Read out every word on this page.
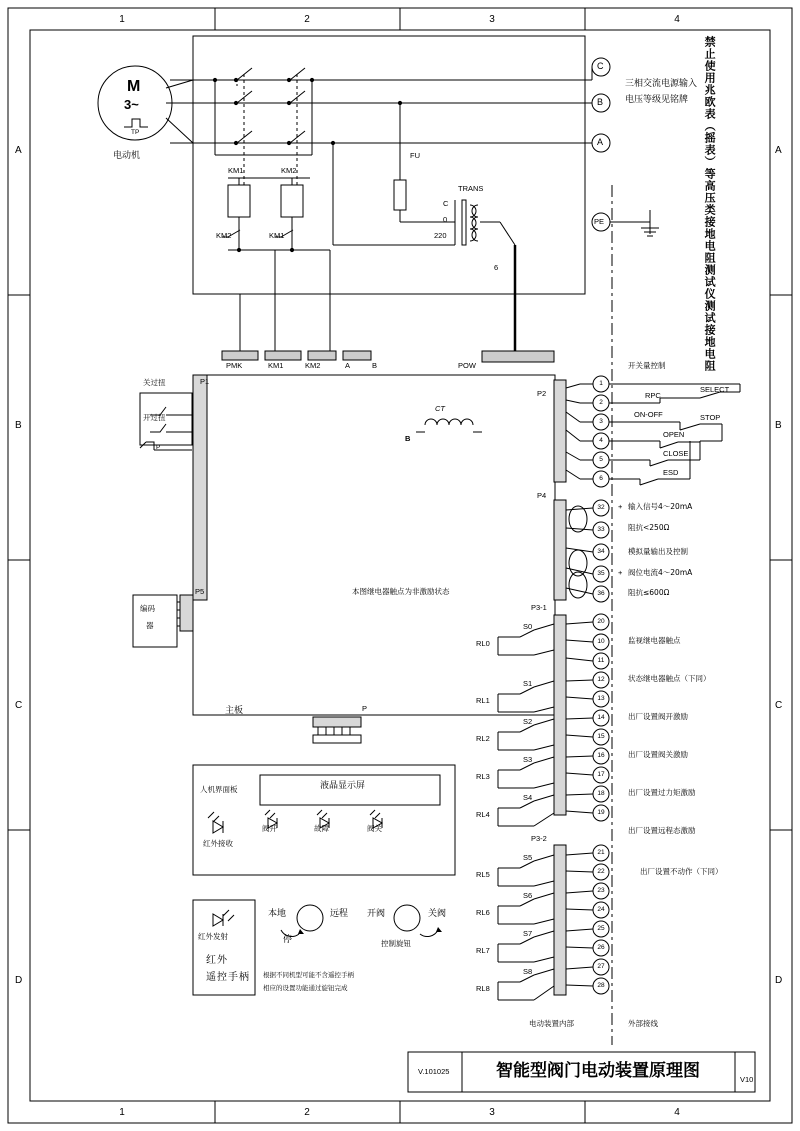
1	2	3	4
1	2	3	4
A
B
C
D
A
B
C
D
禁止使用兆欧表（摇表）等高压类接地电阻测试仪测试接地电阻
M
3~
TP
电动机
C
B
A
PE
三相交流电源输入
电压等级见铭牌
KM1	KM2
KM2	KM1
FU
TRANS
C
0
220
6
PMK	KM1	KM2	A	B	POW
P1
P2
P4
P5
P3-1
P3-2
P
关过扭
开过扭
TP
CT
B
编码
器
主板
本图继电器触点为非激励状态
开关量控制
1
2
3
4
5
6
RPC
ON-OFF
OPEN
CLOSE
ESD
SELECT
STOP
32
33
34
35
36
+
+
输入信号4～20mA
阻抗<250Ω
模拟量输出及控制
阀位电流4～20mA
阻抗≤600Ω
20
10
11
12
13
14
15
16
17
18
19
RL0
RL1
RL2
RL3
RL4
S0
S1
S2
S3
S4
监视继电器触点
状态继电器触点（下同）
出厂设置阀开激励
出厂设置阀关激励
出厂设置过力矩激励
出厂设置远程态激励
21
22
23
24
25
26
27
28
RL5
RL6
RL7
RL8
S5
S6
S7
S8
出厂设置不动作（下同）
人机界面板	液晶显示屏
阀开	故障	阀关
红外接收
红外发射
红外
遥控手柄
本地	远程
停
开阀	关阀
控制旋钮
根据不同机型可能不含遥控手柄
相应的设置功能通过旋钮完成
电动装置内部	外部接线
V.101025	智能型阀门电动装置原理图	V10
